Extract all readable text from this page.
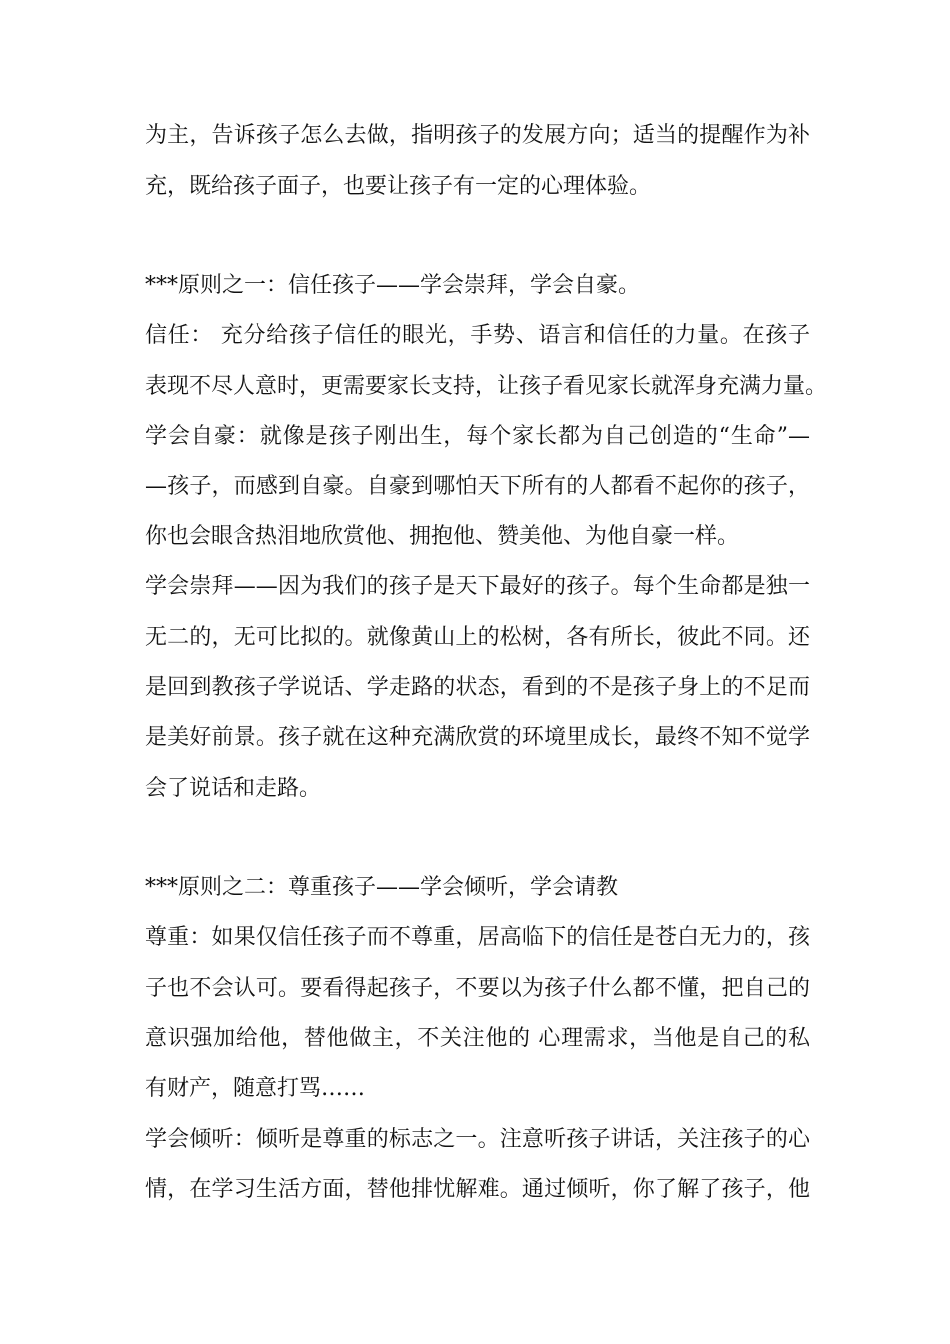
为主，告诉孩子怎么去做，指明孩子的发展方向；适当的提醒作为补
充，既给孩子面子，也要让孩子有一定的心理体验。
***原则之一：信任孩子——学会崇拜，学会自豪。
信任： 充分给孩子信任的眼光，手势、语言和信任的力量。在孩子
表现不尽人意时，更需要家长支持，让孩子看见家长就浑身充满力量。
学会自豪：就像是孩子刚出生，每个家长都为自己创造的“生命”—
—孩子，而感到自豪。自豪到哪怕天下所有的人都看不起你的孩子，
你也会眼含热泪地欣赏他、拥抱他、赞美他、为他自豪一样。
学会崇拜——因为我们的孩子是天下最好的孩子。每个生命都是独一
无二的，无可比拟的。就像黄山上的松树，各有所长，彼此不同。还
是回到教孩子学说话、学走路的状态，看到的不是孩子身上的不足而
是美好前景。孩子就在这种充满欣赏的环境里成长，最终不知不觉学
会了说话和走路。
***原则之二：尊重孩子——学会倾听，学会请教
尊重：如果仅信任孩子而不尊重，居高临下的信任是苍白无力的，孩
子也不会认可。要看得起孩子，不要以为孩子什么都不懂，把自己的
意识强加给他，替他做主，不关注他的 心理需求，当他是自己的私
有财产，随意打骂……
学会倾听：倾听是尊重的标志之一。注意听孩子讲话，关注孩子的心
情，在学习生活方面，替他排忧解难。通过倾听，你了解了孩子，他
